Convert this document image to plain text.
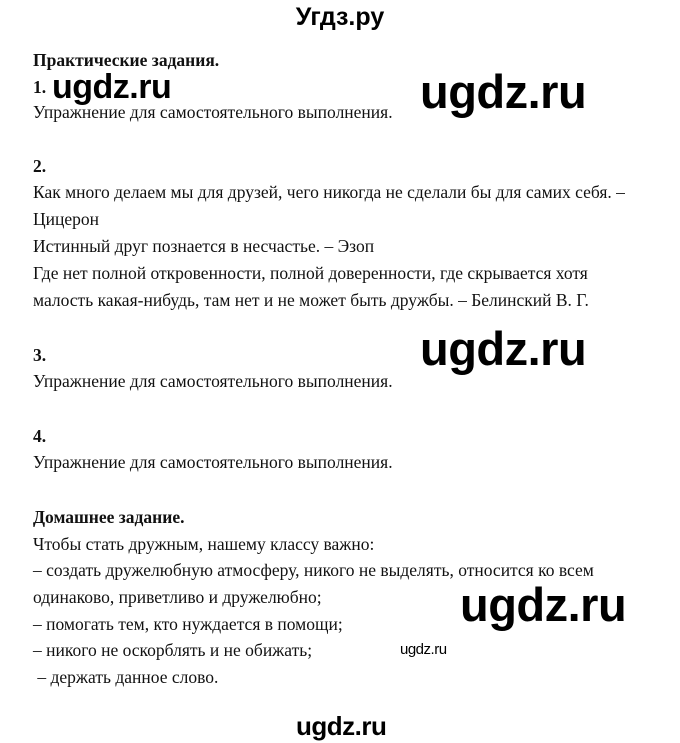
Угдз.ру
Практические задания.
1.
Упражнение для самостоятельного выполнения.
2.
Как много делаем мы для друзей, чего никогда не сделали бы для самих себя. –
Цицерон
Истинный друг познается в несчастье. – Эзоп
Где нет полной откровенности, полной доверенности, где скрывается хотя
малость какая-нибудь, там нет и не может быть дружбы. – Белинский В. Г.
3.
Упражнение для самостоятельного выполнения.
4.
Упражнение для самостоятельного выполнения.
Домашнее задание.
Чтобы стать дружным, нашему классу важно:
– создать дружелюбную атмосферу, никого не выделять, относится ко всем
одинаково, приветливо и дружелюбно;
– помогать тем, кто нуждается в помощи;
– никого не оскорблять и не обижать;
– держать данное слово.
ugdz.ru	ugdz.ru
ugdz.ru
ugdz.ru
ugdz.ru
ugdz.ru
